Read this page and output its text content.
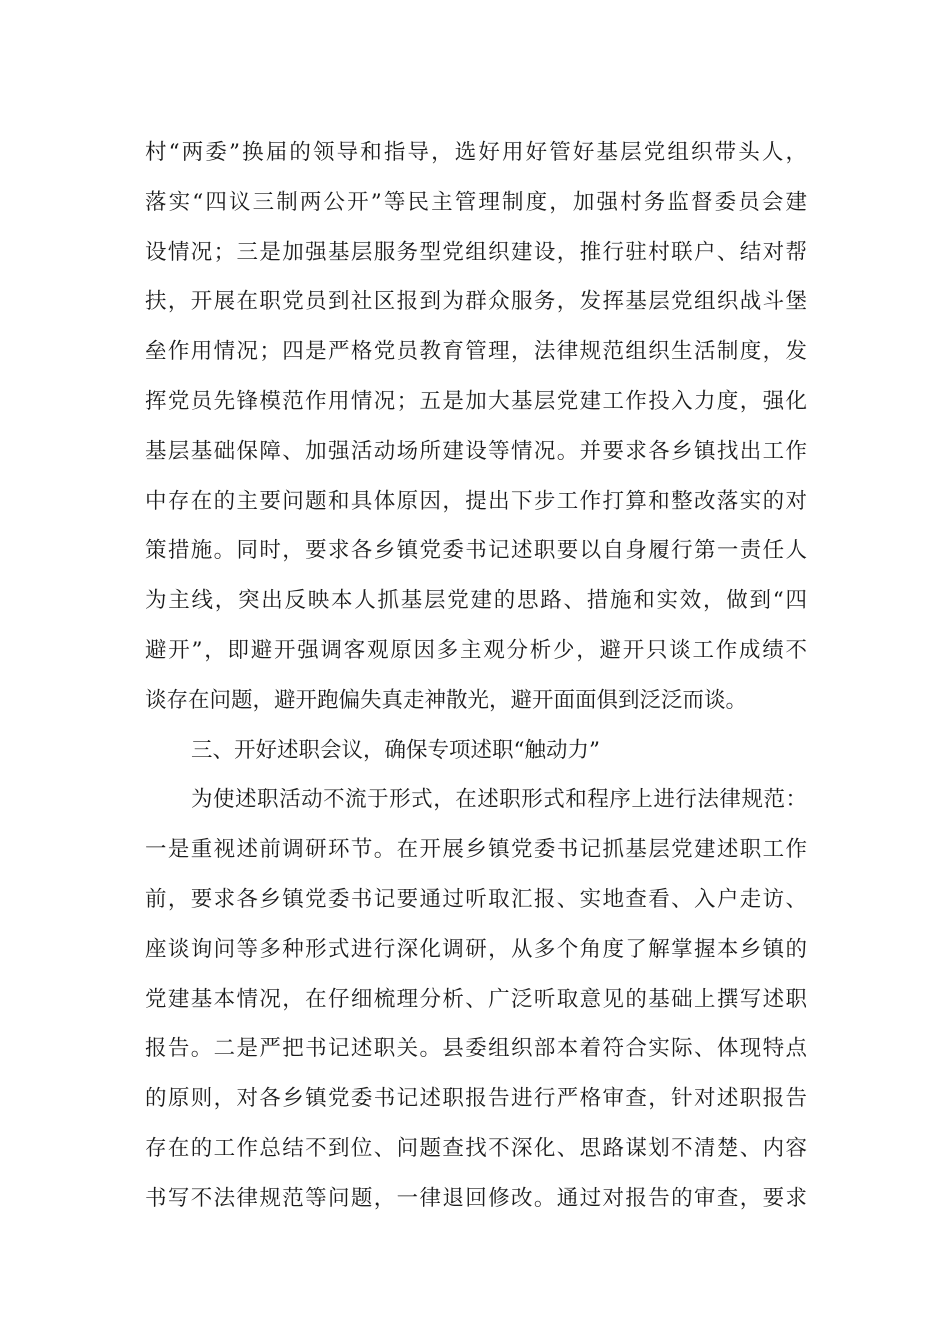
村“两委”换届的领导和指导，选好用好管好基层党组织带头人，
落实“四议三制两公开”等民主管理制度，加强村务监督委员会建
设情况；三是加强基层服务型党组织建设，推行驻村联户、结对帮
扶，开展在职党员到社区报到为群众服务，发挥基层党组织战斗堡
垒作用情况；四是严格党员教育管理，法律规范组织生活制度，发
挥党员先锋模范作用情况；五是加大基层党建工作投入力度，强化
基层基础保障、加强活动场所建设等情况。并要求各乡镇找出工作
中存在的主要问题和具体原因，提出下步工作打算和整改落实的对
策措施。同时，要求各乡镇党委书记述职要以自身履行第一责任人
为主线，突出反映本人抓基层党建的思路、措施和实效，做到“四
避开”，即避开强调客观原因多主观分析少，避开只谈工作成绩不
谈存在问题，避开跑偏失真走神散光，避开面面俱到泛泛而谈。
三、开好述职会议，确保专项述职“触动力”
为使述职活动不流于形式，在述职形式和程序上进行法律规范：
一是重视述前调研环节。在开展乡镇党委书记抓基层党建述职工作
前，要求各乡镇党委书记要通过听取汇报、实地查看、入户走访、
座谈询问等多种形式进行深化调研，从多个角度了解掌握本乡镇的
党建基本情况，在仔细梳理分析、广泛听取意见的基础上撰写述职
报告。二是严把书记述职关。县委组织部本着符合实际、体现特点
的原则，对各乡镇党委书记述职报告进行严格审查，针对述职报告
存在的工作总结不到位、问题查找不深化、思路谋划不清楚、内容
书写不法律规范等问题，一律退回修改。通过对报告的审查，要求
